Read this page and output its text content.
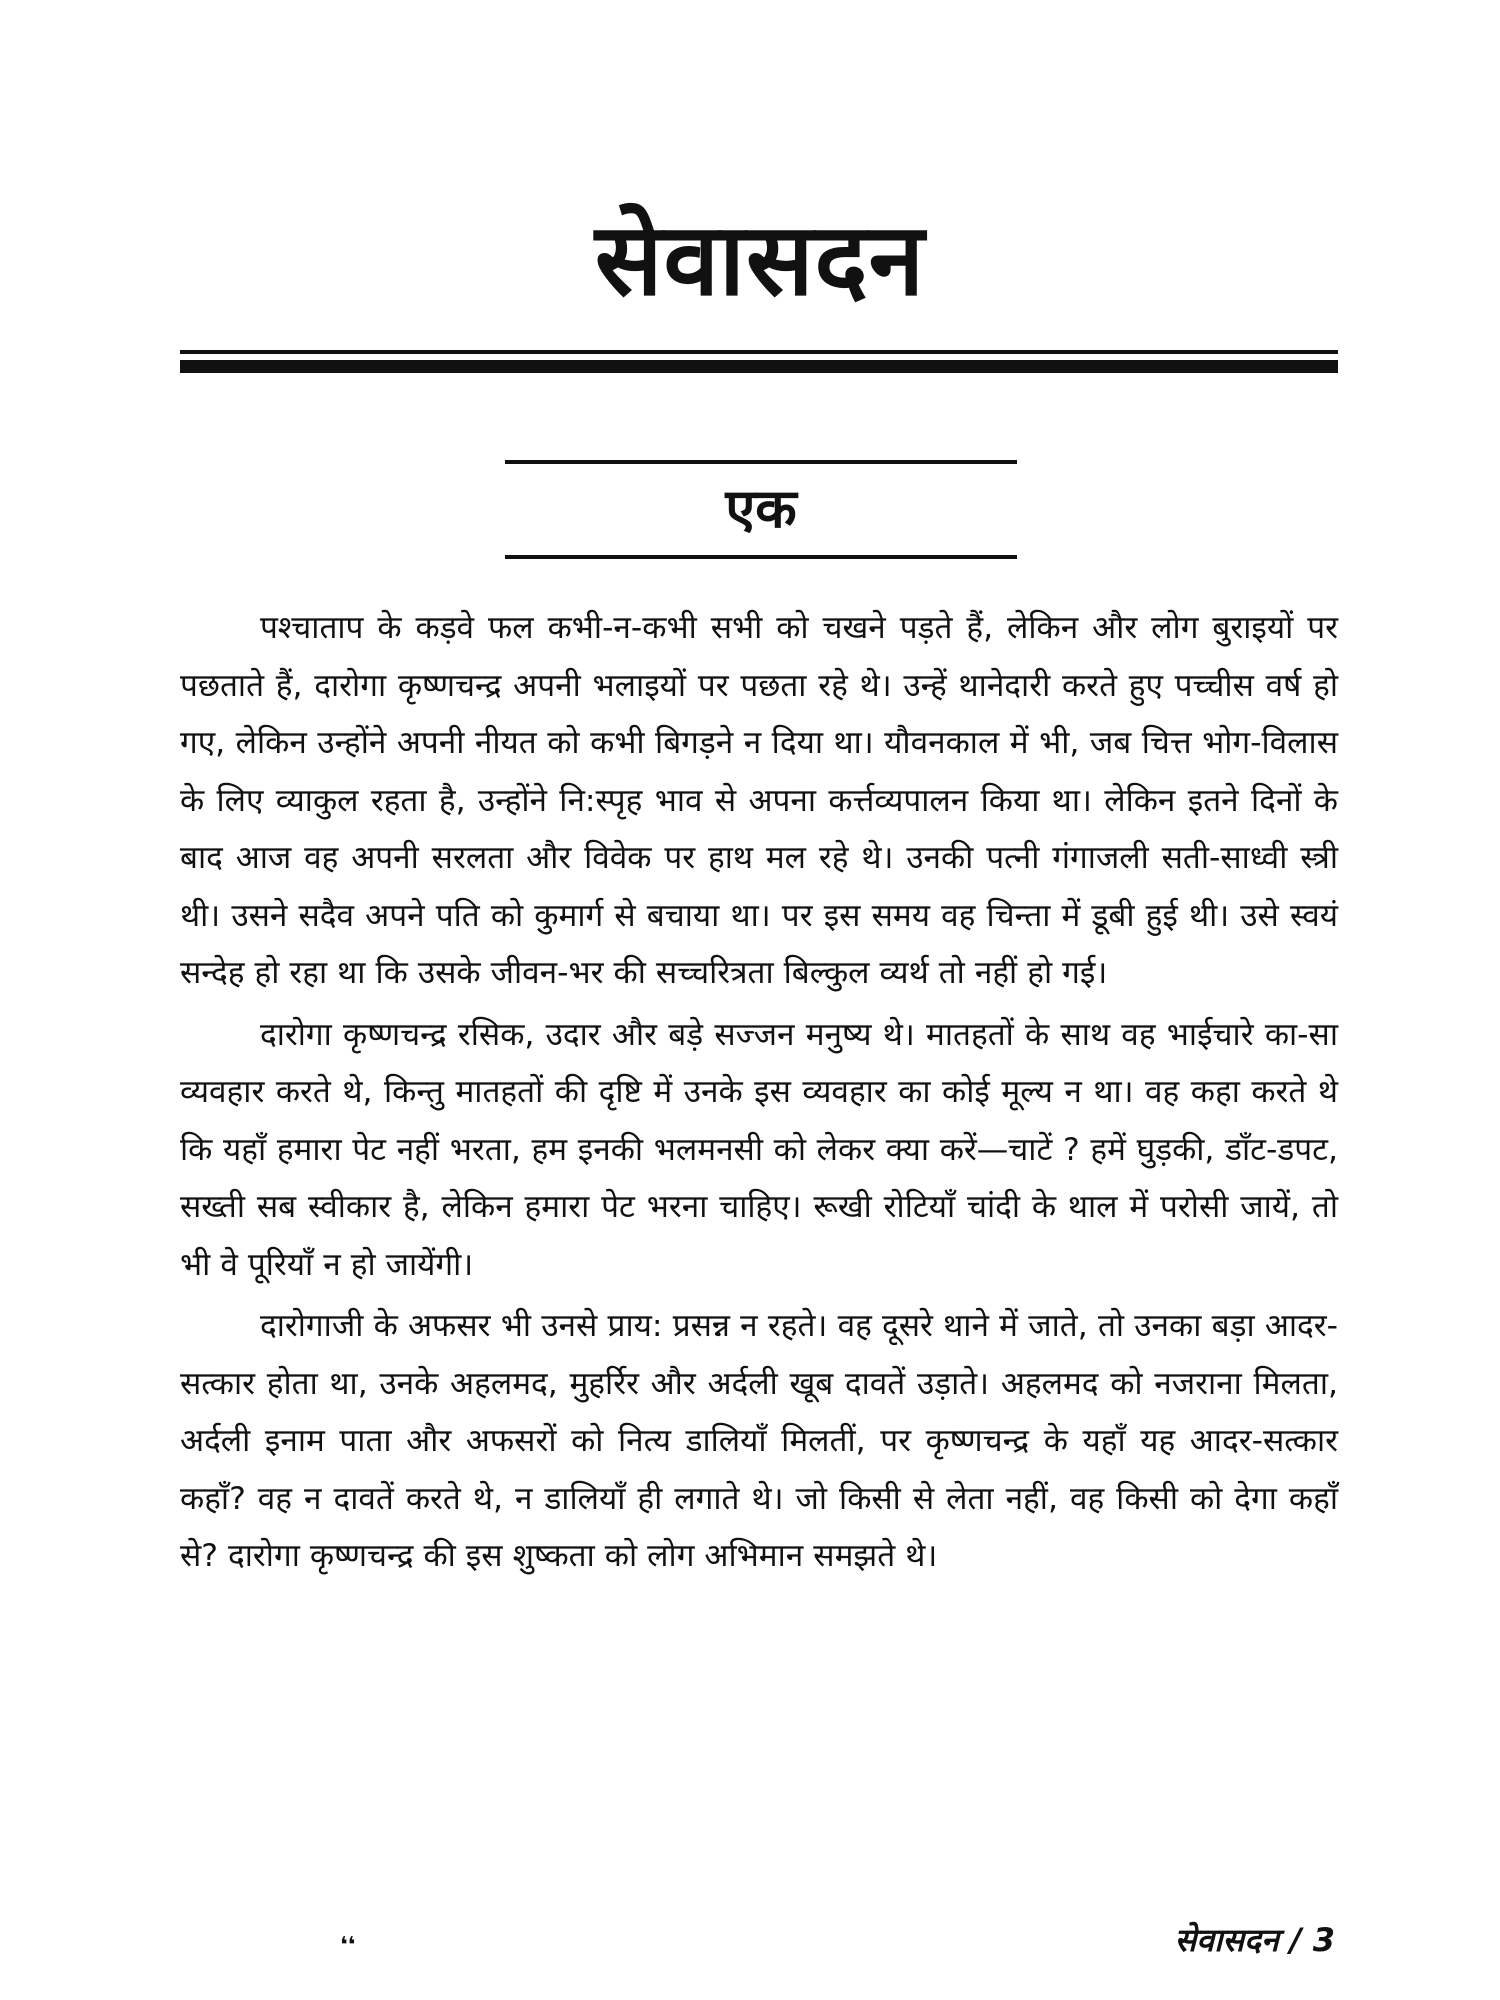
सेवासदन
एक

पश्चाताप के कड़वे फल कभी-न-कभी सभी को चखने पड़ते हैं, लेकिन और लोग बुराइयों पर पछताते हैं, दारोगा कृष्णचन्द्र अपनी भलाइयों पर पछता रहे थे। उन्हें थानेदारी करते हुए पच्चीस वर्ष हो गए, लेकिन उन्होंने अपनी नीयत को कभी बिगड़ने न दिया था। यौवनकाल में भी, जब चित्त भोग-विलास के लिए व्याकुल रहता है, उन्होंने नि:स्पृह भाव से अपना कर्त्तव्यपालन किया था। लेकिन इतने दिनों के बाद आज वह अपनी सरलता और विवेक पर हाथ मल रहे थे। उनकी पत्नी गंगाजली सती-साध्वी स्त्री थी। उसने सदैव अपने पति को कुमार्ग से बचाया था। पर इस समय वह चिन्ता में डूबी हुई थी। उसे स्वयं सन्देह हो रहा था कि उसके जीवन-भर की सच्चरित्रता बिल्कुल व्यर्थ तो नहीं हो गई।

दारोगा कृष्णचन्द्र रसिक, उदार और बड़े सज्जन मनुष्य थे। मातहतों के साथ वह भाईचारे का-सा व्यवहार करते थे, किन्तु मातहतों की दृष्टि में उनके इस व्यवहार का कोई मूल्य न था। वह कहा करते थे कि यहाँ हमारा पेट नहीं भरता, हम इनकी भलमनसी को लेकर क्या करें—चाटें ? हमें घुड़की, डाँट-डपट, सख्ती सब स्वीकार है, लेकिन हमारा पेट भरना चाहिए। रूखी रोटियाँ चांदी के थाल में परोसी जायें, तो भी वे पूरियाँ न हो जायेंगी।

दारोगाजी के अफसर भी उनसे प्राय: प्रसन्न न रहते। वह दूसरे थाने में जाते, तो उनका बड़ा आदर-सत्कार होता था, उनके अहलमद, मुहर्रिर और अर्दली खूब दावतें उड़ाते। अहलमद को नजराना मिलता, अर्दली इनाम पाता और अफसरों को नित्य डालियाँ मिलतीं, पर कृष्णचन्द्र के यहाँ यह आदर-सत्कार कहाँ? वह न दावतें करते थे, न डालियाँ ही लगाते थे। जो किसी से लेता नहीं, वह किसी को देगा कहाँ से? दारोगा कृष्णचन्द्र की इस शुष्कता को लोग अभिमान समझते थे।

❛❛	सेवासदन / 3
